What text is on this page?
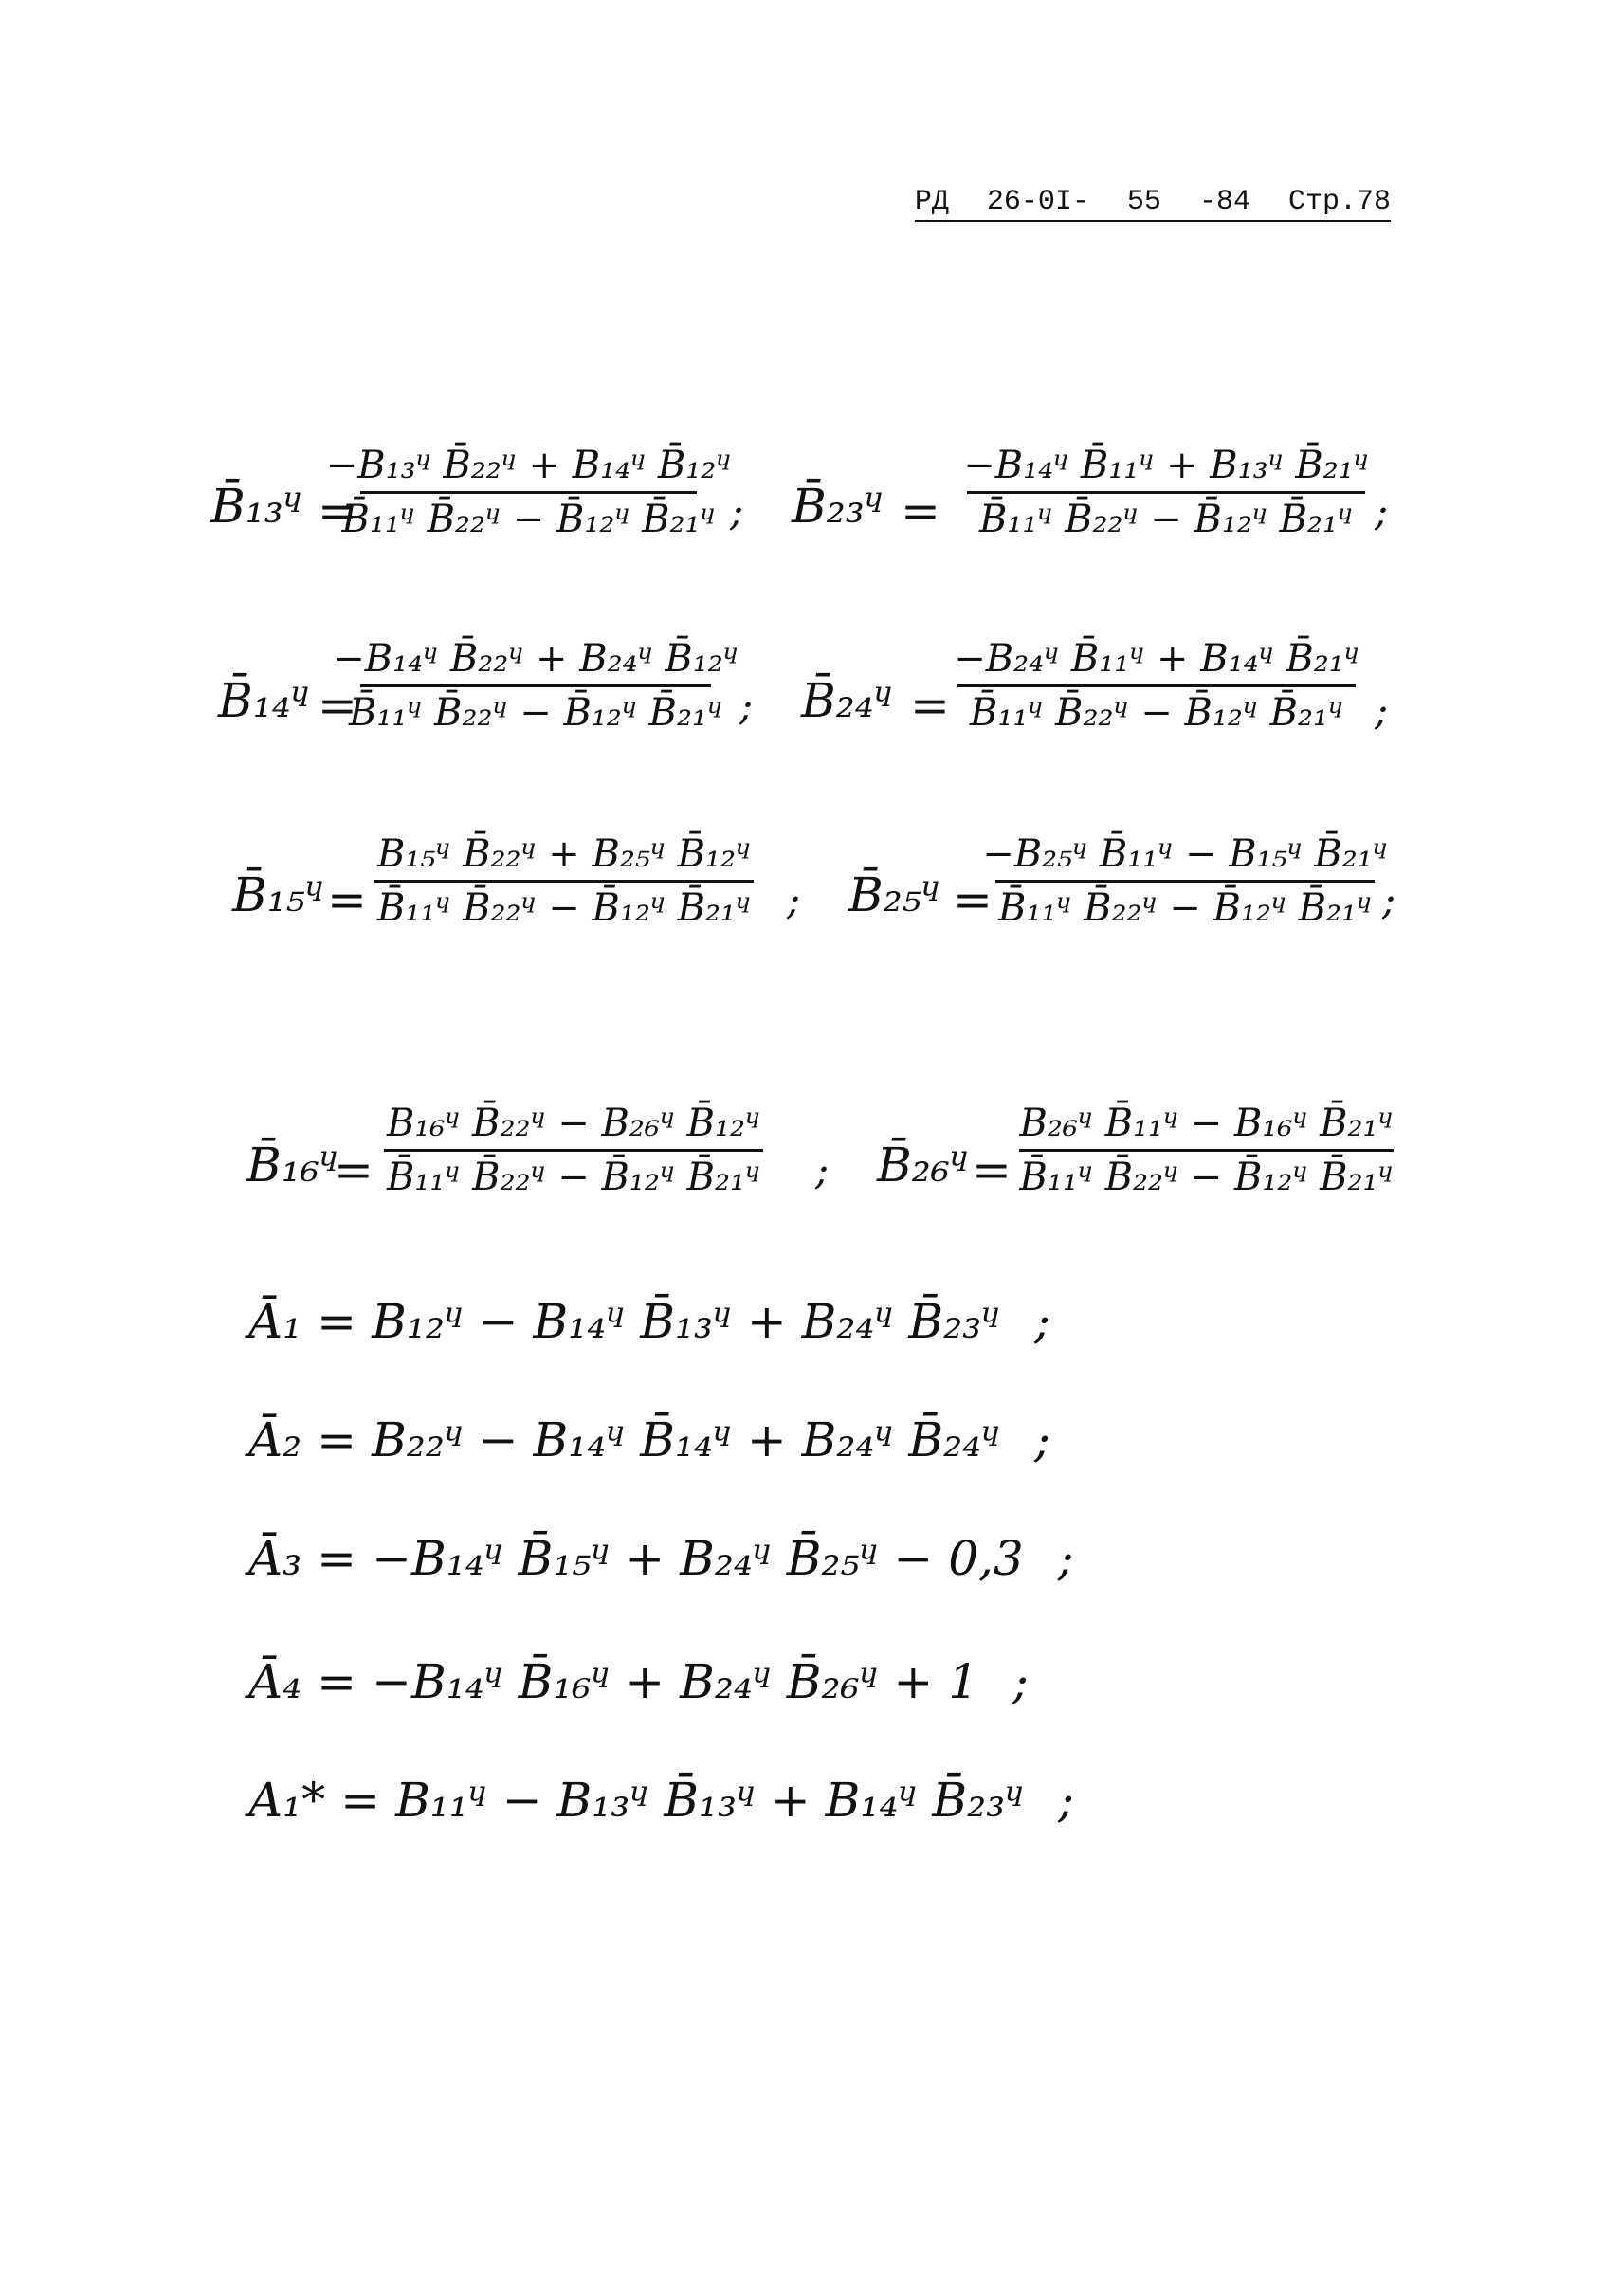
РД 26-0I- 55 -84 Стр.78
B̄₁₃ᶣ =
−B₁₃ᶣ B̄₂₂ᶣ + B₁₄ᶣ B̄₁₂ᶣ
B̄₁₁ᶣ B̄₂₂ᶣ − B̄₁₂ᶣ B̄₂₁ᶣ ; B̄₂₃ᶣ =
−B₁₄ᶣ B̄₁₁ᶣ + B₁₃ᶣ B̄₂₁ᶣ
B̄₁₁ᶣ B̄₂₂ᶣ − B̄₁₂ᶣ B̄₂₁ᶣ ;
B̄₁₄ᶣ =
−B₁₄ᶣ B̄₂₂ᶣ + B₂₄ᶣ B̄₁₂ᶣ
B̄₁₁ᶣ B̄₂₂ᶣ − B̄₁₂ᶣ B̄₂₁ᶣ ; B̄₂₄ᶣ =
−B₂₄ᶣ B̄₁₁ᶣ + B₁₄ᶣ B̄₂₁ᶣ
B̄₁₁ᶣ B̄₂₂ᶣ − B̄₁₂ᶣ B̄₂₁ᶣ ;
B̄₁₅ᶣ =
B₁₅ᶣ B̄₂₂ᶣ + B₂₅ᶣ B̄₁₂ᶣ
B̄₁₁ᶣ B̄₂₂ᶣ − B̄₁₂ᶣ B̄₂₁ᶣ ; B̄₂₅ᶣ =
−B₂₅ᶣ B̄₁₁ᶣ − B₁₅ᶣ B̄₂₁ᶣ
B̄₁₁ᶣ B̄₂₂ᶣ − B̄₁₂ᶣ B̄₂₁ᶣ ;
B̄₁₆ᶣ
=
B₁₆ᶣ B̄₂₂ᶣ − B₂₆ᶣ B̄₁₂ᶣ
B̄₁₁ᶣ B̄₂₂ᶣ − B̄₁₂ᶣ B̄₂₁ᶣ ; B̄₂₆ᶣ =
B₂₆ᶣ B̄₁₁ᶣ − B₁₆ᶣ B̄₂₁ᶣ
B̄₁₁ᶣ B̄₂₂ᶣ − B̄₁₂ᶣ B̄₂₁ᶣ
Ā₁ = B₁₂ᶣ − B₁₄ᶣ B̄₁₃ᶣ + B₂₄ᶣ B̄₂₃ᶣ ;
Ā₂ = B₂₂ᶣ − B₁₄ᶣ B̄₁₄ᶣ + B₂₄ᶣ B̄₂₄ᶣ ;
Ā₃ = −B₁₄ᶣ B̄₁₅ᶣ + B₂₄ᶣ B̄₂₅ᶣ − 0,3 ;
Ā₄ = −B₁₄ᶣ B̄₁₆ᶣ + B₂₄ᶣ B̄₂₆ᶣ + 1 ;
A₁* = B₁₁ᶣ − B₁₃ᶣ B̄₁₃ᶣ + B₁₄ᶣ B̄₂₃ᶣ ;
